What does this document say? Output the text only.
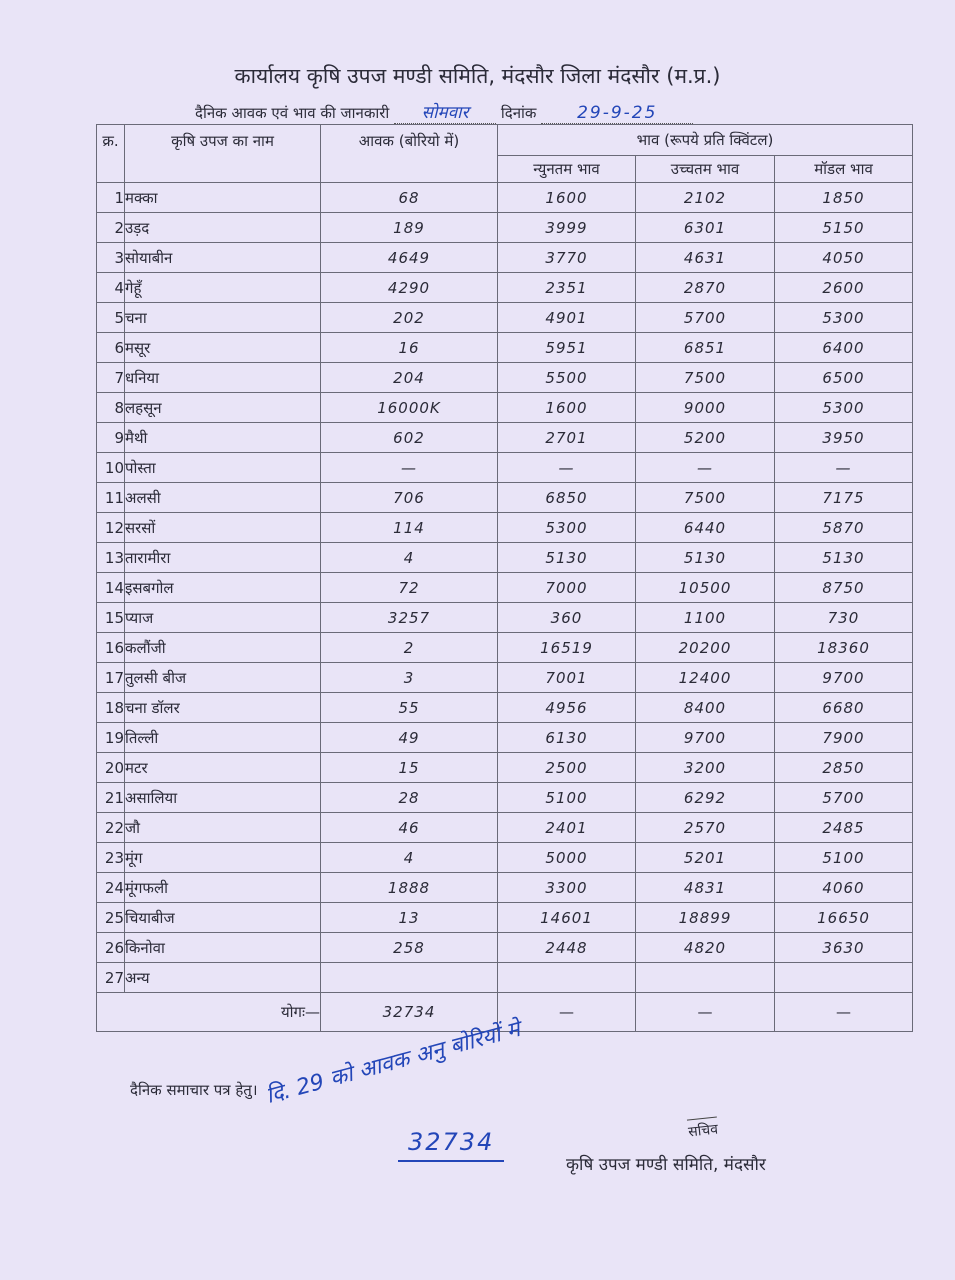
कार्यालय कृषि उपज मण्डी समिति, मंदसौर जिला मंदसौर (म.प्र.)
दैनिक आवक एवं भाव की जानकारी सोमवार दिनांक 29-9-25
क्र.	कृषि उपज का नाम	आवक (बोरियो में)	भाव (रूपये प्रति क्विंटल)		
			न्युनतम भाव	उच्चतम भाव	मॉडल भाव
1	मक्का	68	1600	2102	1850
2	उड़द	189	3999	6301	5150
3	सोयाबीन	4649	3770	4631	4050
4	गेहूँ	4290	2351	2870	2600
5	चना	202	4901	5700	5300
6	मसूर	16	5951	6851	6400
7	धनिया	204	5500	7500	6500
8	लहसून	16000K	1600	9000	5300
9	मैथी	602	2701	5200	3950
10	पोस्ता	—	—	—	—
11	अलसी	706	6850	7500	7175
12	सरसों	114	5300	6440	5870
13	तारामीरा	4	5130	5130	5130
14	इसबगोल	72	7000	10500	8750
15	प्याज	3257	360	1100	730
16	कलौंजी	2	16519	20200	18360
17	तुलसी बीज	3	7001	12400	9700
18	चना डॉलर	55	4956	8400	6680
19	तिल्ली	49	6130	9700	7900
20	मटर	15	2500	3200	2850
21	असालिया	28	5100	6292	5700
22	जौ	46	2401	2570	2485
23	मूंग	4	5000	5201	5100
24	मूंगफली	1888	3300	4831	4060
25	चियाबीज	13	14601	18899	16650
26	किनोवा	258	2448	4820	3630
27	अन्य				
योगः—		32734	—	—	—
दैनिक समाचार पत्र हेतु। दि. 29 को आवक अनु बोरियों मे
32734	सचिव
कृषि उपज मण्डी समिति, मंदसौर
